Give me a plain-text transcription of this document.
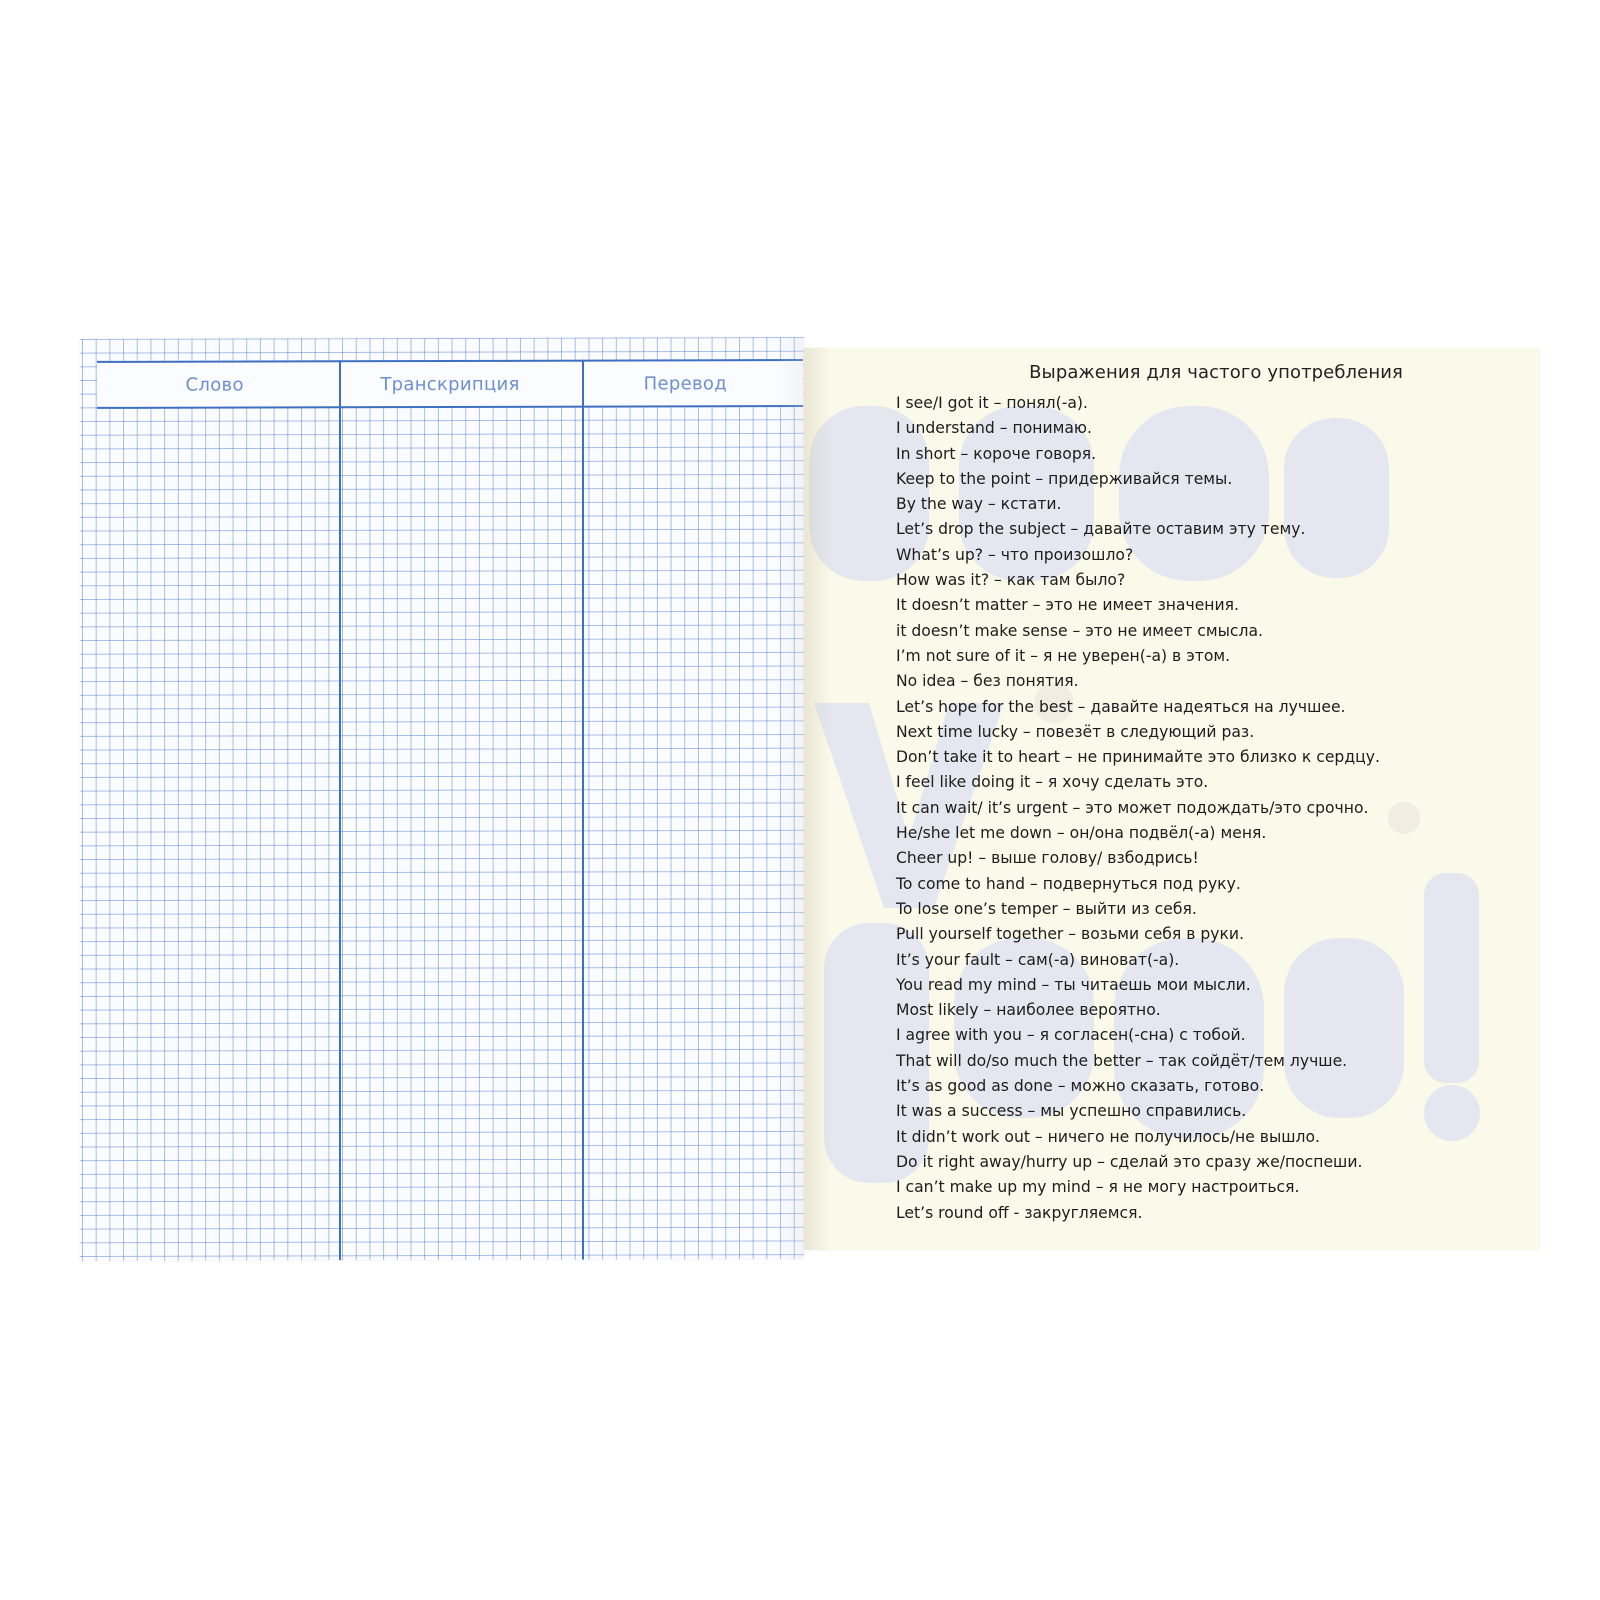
Слово	Транскрипция	Перевод
Выражения для частого употребления
I see/I got it – понял(-а).
I understand – понимаю.
In short – короче говоря.
Keep to the point – придерживайся темы.
By the way – кстати.
Let’s drop the subject – давайте оставим эту тему.
What’s up? – что произошло?
How was it? – как там было?
It doesn’t matter – это не имеет значения.
it doesn’t make sense – это не имеет смысла.
I’m not sure of it – я не уверен(-а) в этом.
No idea – без понятия.
Let’s hope for the best – давайте надеяться на лучшее.
Next time lucky – повезёт в следующий раз.
Don’t take it to heart – не принимайте это близко к сердцу.
I feel like doing it – я хочу сделать это.
It can wait/ it’s urgent – это может подождать/это срочно.
He/she let me down – он/она подвёл(-а) меня.
Cheer up! – выше голову/ взбодрись!
To come to hand – подвернуться под руку.
To lose one’s temper – выйти из себя.
Pull yourself together – возьми себя в руки.
It’s your fault – сам(-а) виноват(-а).
You read my mind – ты читаешь мои мысли.
Most likely – наиболее вероятно.
I agree with you – я согласен(-сна) с тобой.
That will do/so much the better – так сойдёт/тем лучше.
It’s as good as done – можно сказать, готово.
It was a success – мы успешно справились.
It didn’t work out – ничего не получилось/не вышло.
Do it right away/hurry up – сделай это сразу же/поспеши.
I can’t make up my mind – я не могу настроиться.
Let’s round off - закругляемся.
